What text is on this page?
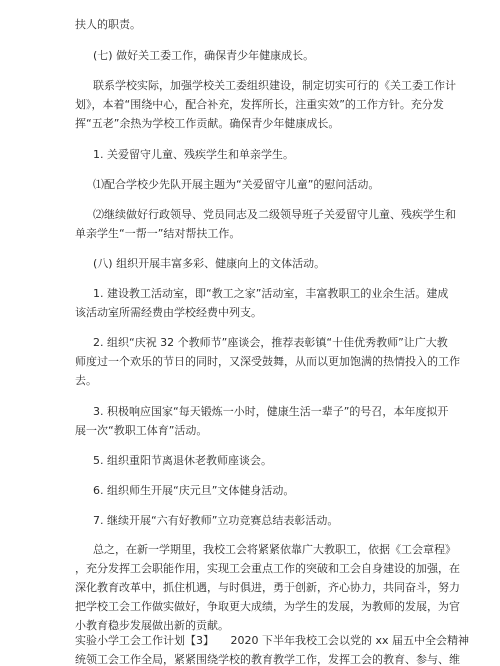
扶人的职责。
(七) 做好关工委工作，确保青少年健康成长。
联系学校实际，加强学校关工委组织建设，制定切实可行的《关工委工作计
划》，本着“围绕中心，配合补充，发挥所长，注重实效”的工作方针。充分发
挥“五老”余热为学校工作贡献。确保青少年健康成长。
1. 关爱留守儿童、残疾学生和单亲学生。
⑴配合学校少先队开展主题为“关爱留守儿童”的慰问活动。
⑵继续做好行政领导、党员同志及二级领导班子关爱留守儿童、残疾学生和
单亲学生“一帮一”结对帮扶工作。
(八) 组织开展丰富多彩、健康向上的文体活动。
1. 建设教工活动室，即“教工之家”活动室，丰富教职工的业余生活。建成
该活动室所需经费由学校经费中列支。
2. 组织“庆祝 32 个教师节”座谈会，推荐表彰镇“十佳优秀教师”让广大教
师度过一个欢乐的节日的同时，又深受鼓舞，从而以更加饱满的热情投入的工作
去。
3. 积极响应国家“每天锻炼一小时，健康生活一辈子”的号召，本年度拟开
展一次“教职工体育”活动。
5. 组织重阳节离退休老教师座谈会。
6. 组织师生开展“庆元旦”文体健身活动。
7. 继续开展“六有好教师”立功竞赛总结表彰活动。
总之，在新一学期里，我校工会将紧紧依靠广大教职工，依据《工会章程》
，充分发挥工会职能作用，实现工会重点工作的突破和工会自身建设的加强，在
深化教育改革中，抓住机遇，与时俱进，勇于创新，齐心协力，共同奋斗，努力
把学校工会工作做实做好，争取更大成绩，为学生的发展，为教师的发展，为官
小教育稳步发展做出新的贡献。
实验小学工会工作计划【3】　　2020 下半年我校工会以党的 xx 届五中全会精神
统领工会工作全局，紧紧围绕学校的教育教学工作，发挥工会的教育、参与、维
